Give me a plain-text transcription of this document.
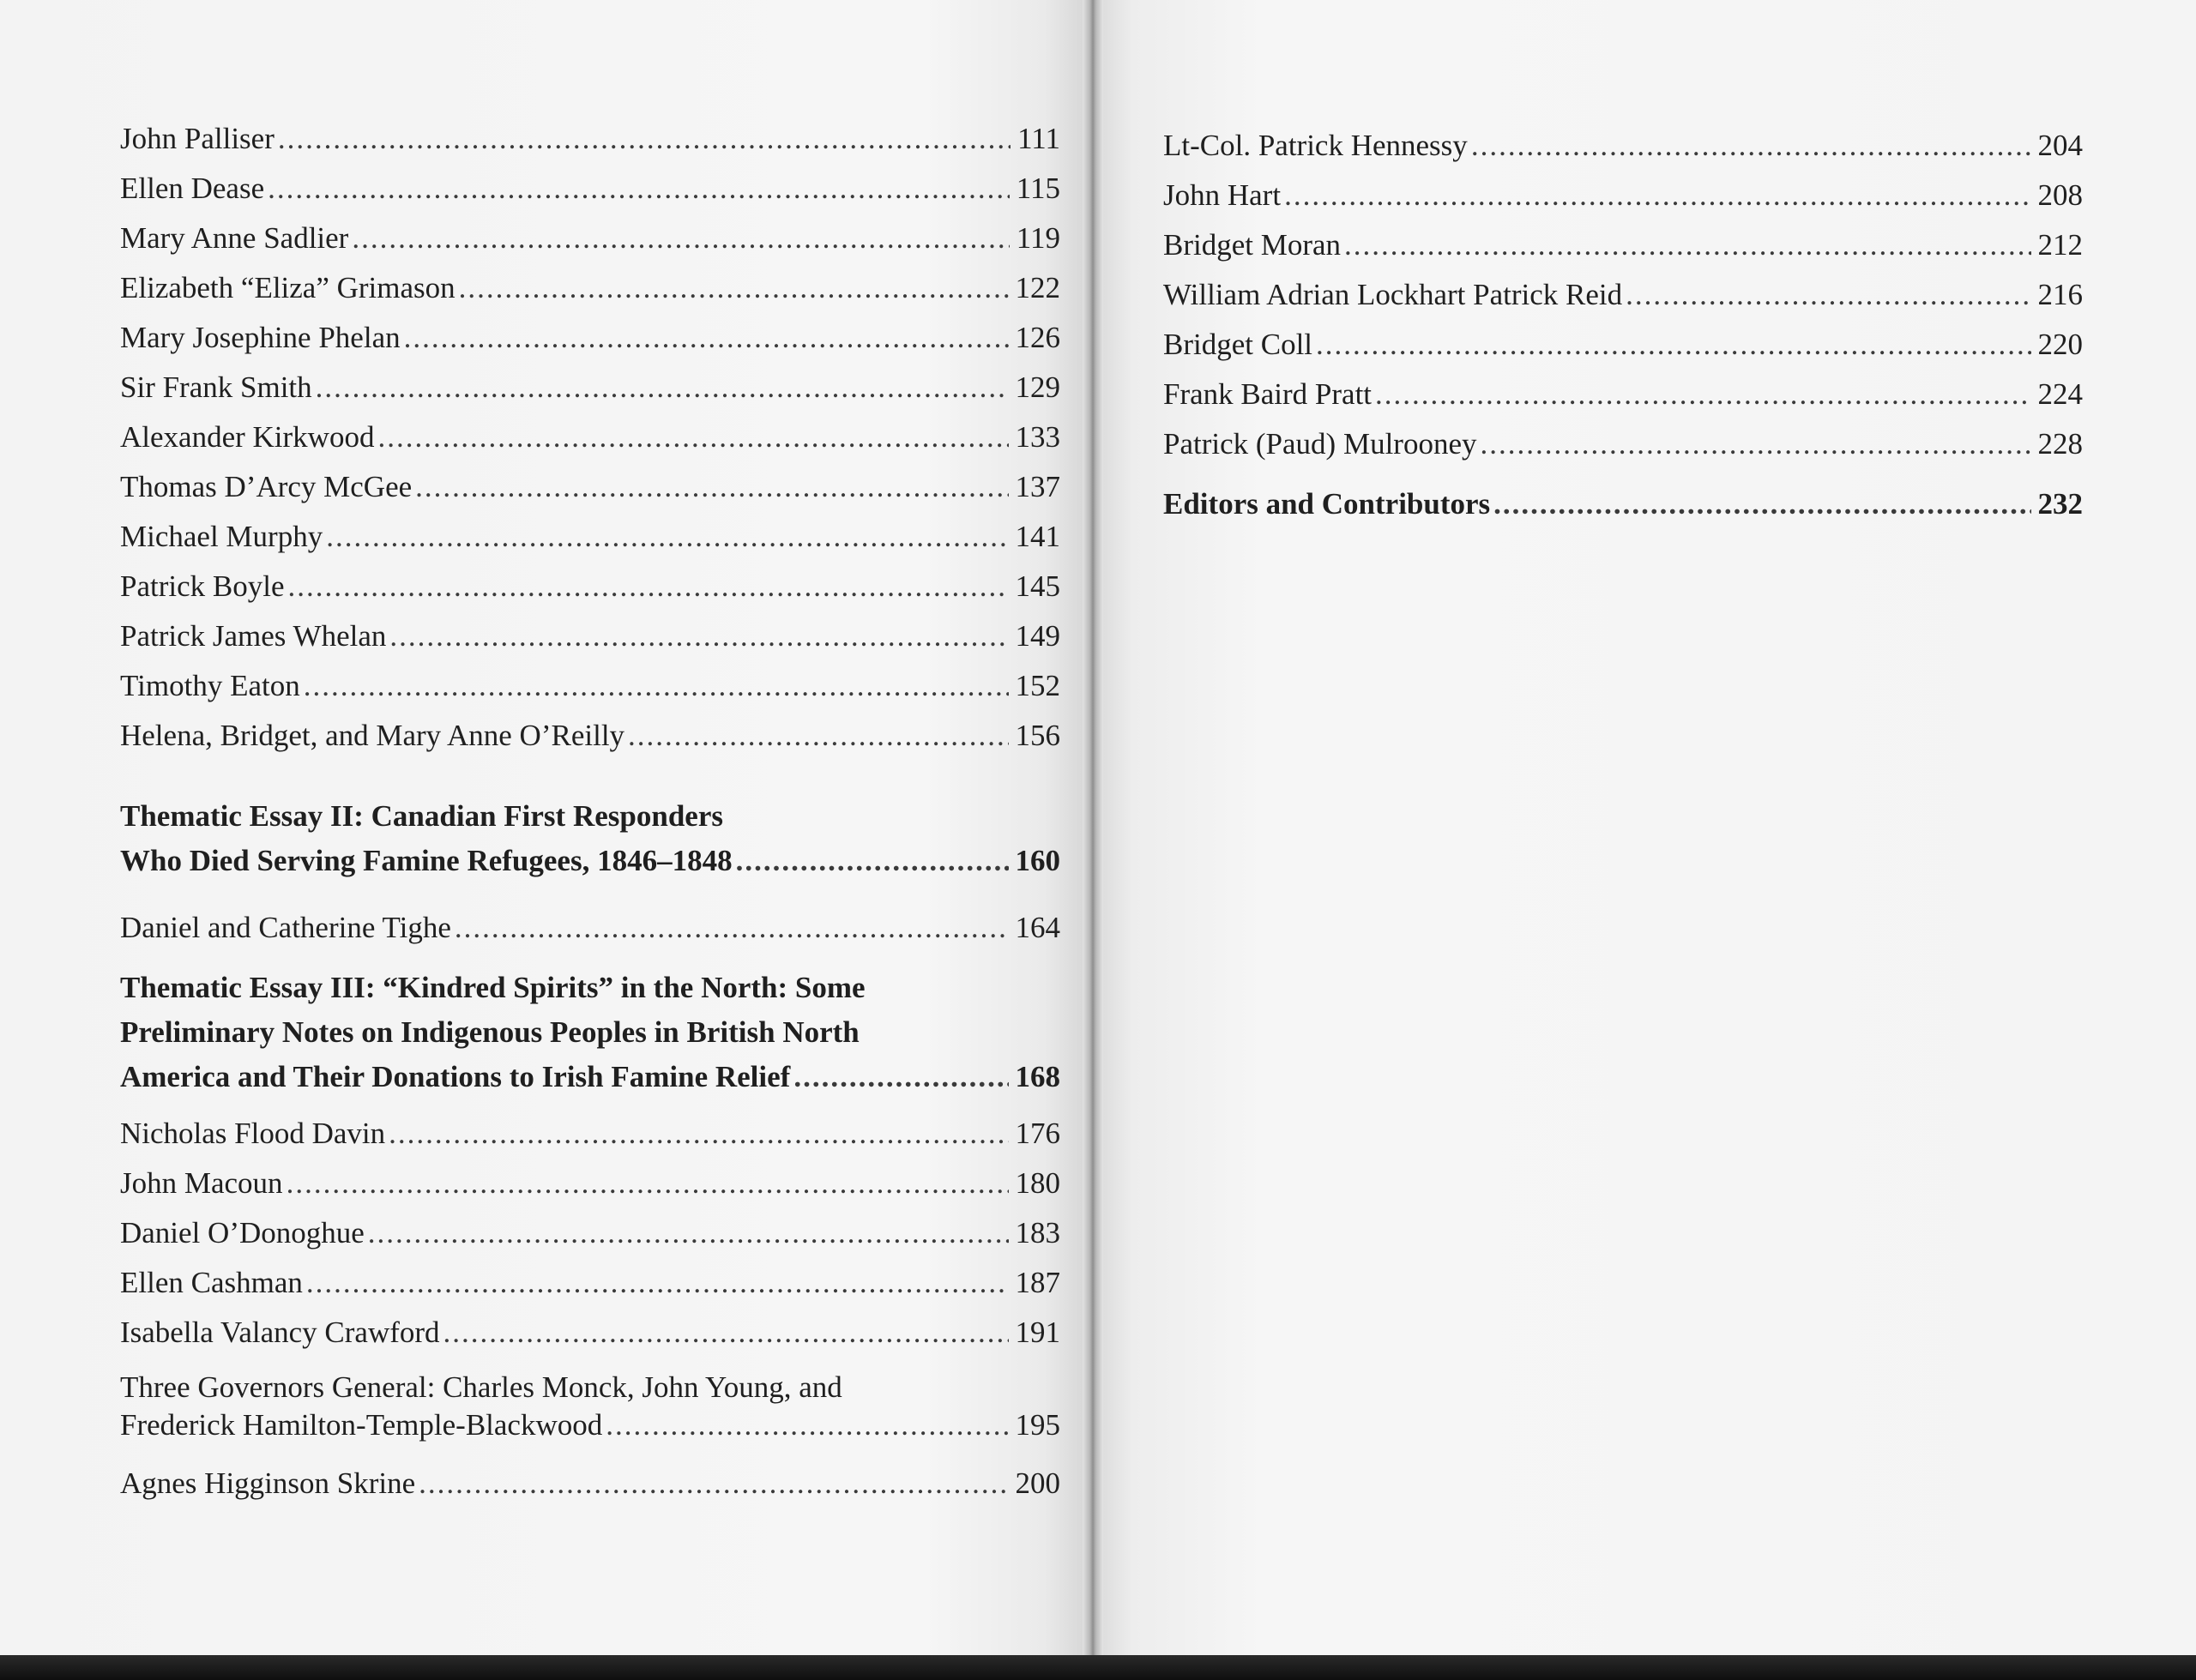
John Palliser .....	111
Ellen Dease .....	115
Mary Anne Sadlier .....	119
Elizabeth “Eliza” Grimason .....	122
Mary Josephine Phelan .....	126
Sir Frank Smith .....	129
Alexander Kirkwood .....	133
Thomas D’Arcy McGee .....	137
Michael Murphy .....	141
Patrick Boyle .....	145
Patrick James Whelan .....	149
Timothy Eaton .....	152
Helena, Bridget, and Mary Anne O’Reilly .....	156
Thematic Essay II: Canadian First Responders
Who Died Serving Famine Refugees, 1846–1848 .....	160
Daniel and Catherine Tighe .....	164
Thematic Essay III: “Kindred Spirits” in the North: Some
Preliminary Notes on Indigenous Peoples in British North
America and Their Donations to Irish Famine Relief .....	168
Nicholas Flood Davin .....	176
John Macoun .....	180
Daniel O’Donoghue .....	183
Ellen Cashman .....	187
Isabella Valancy Crawford .....	191
Three Governors General: Charles Monck, John Young, and
Frederick Hamilton-Temple-Blackwood .....	195
Agnes Higginson Skrine .....	200
Lt-Col. Patrick Hennessy .....	204
John Hart .....	208
Bridget Moran .....	212
William Adrian Lockhart Patrick Reid .....	216
Bridget Coll .....	220
Frank Baird Pratt .....	224
Patrick (Paud) Mulrooney .....	228
Editors and Contributors .....	232
